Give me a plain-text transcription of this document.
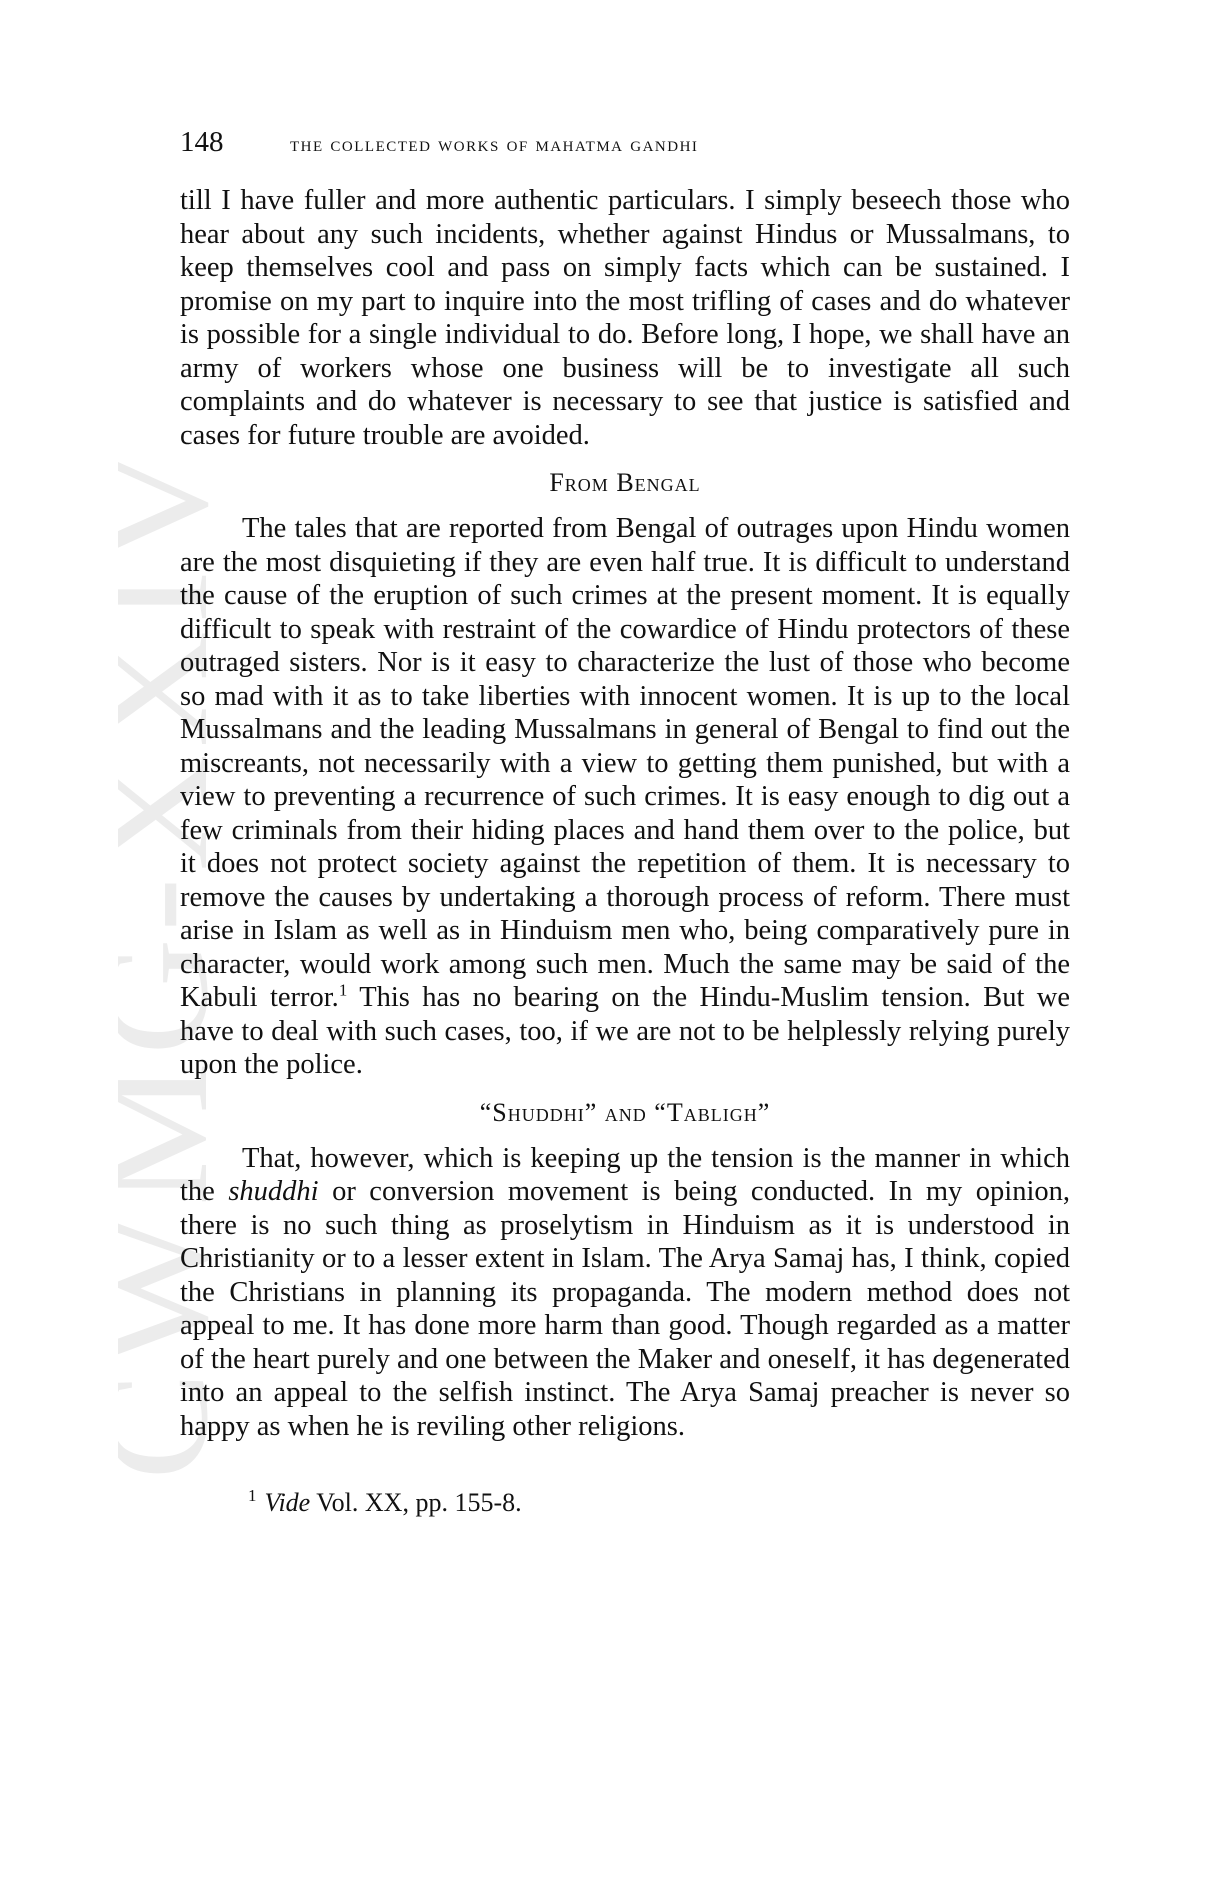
CWMG-XXIV
148	the collected works of mahatma gandhi

till I have fuller and more authentic particulars. I simply beseech those who hear about any such incidents, whether against Hindus or Mussalmans, to keep themselves cool and pass on simply facts which can be sustained. I promise on my part to inquire into the most trifling of cases and do whatever is possible for a single individual to do. Before long, I hope, we shall have an army of workers whose one business will be to investigate all such complaints and do whatever is necessary to see that justice is satisfied and cases for future trouble are avoided.

From Bengal

The tales that are reported from Bengal of outrages upon Hindu women are the most disquieting if they are even half true. It is difficult to understand the cause of the eruption of such crimes at the present moment. It is equally difficult to speak with restraint of the cowardice of Hindu protectors of these outraged sisters. Nor is it easy to characterize the lust of those who become so mad with it as to take liberties with innocent women. It is up to the local Mussalmans and the leading Mussalmans in general of Bengal to find out the miscreants, not necessarily with a view to getting them punished, but with a view to preventing a recurrence of such crimes. It is easy enough to dig out a few criminals from their hiding places and hand them over to the police, but it does not protect society against the repetition of them. It is necessary to remove the causes by undertaking a thorough process of reform. There must arise in Islam as well as in Hinduism men who, being comparatively pure in character, would work among such men. Much the same may be said of the Kabuli terror.$^1$ This has no bearing on the Hindu-Muslim tension. But we have to deal with such cases, too, if we are not to be helplessly relying purely upon the police.

“Shuddhi” and “Tabligh”

That, however, which is keeping up the tension is the manner in which the shuddhi or conversion movement is being conducted. In my opinion, there is no such thing as proselytism in Hinduism as it is understood in Christianity or to a lesser extent in Islam. The Arya Samaj has, I think, copied the Christians in planning its propaganda. The modern method does not appeal to me. It has done more harm than good. Though regarded as a matter of the heart purely and one between the Maker and oneself, it has degenerated into an appeal to the selfish instinct. The Arya Samaj preacher is never so happy as when he is reviling other religions.

$^1$ Vide Vol. XX, pp. 155-8.
